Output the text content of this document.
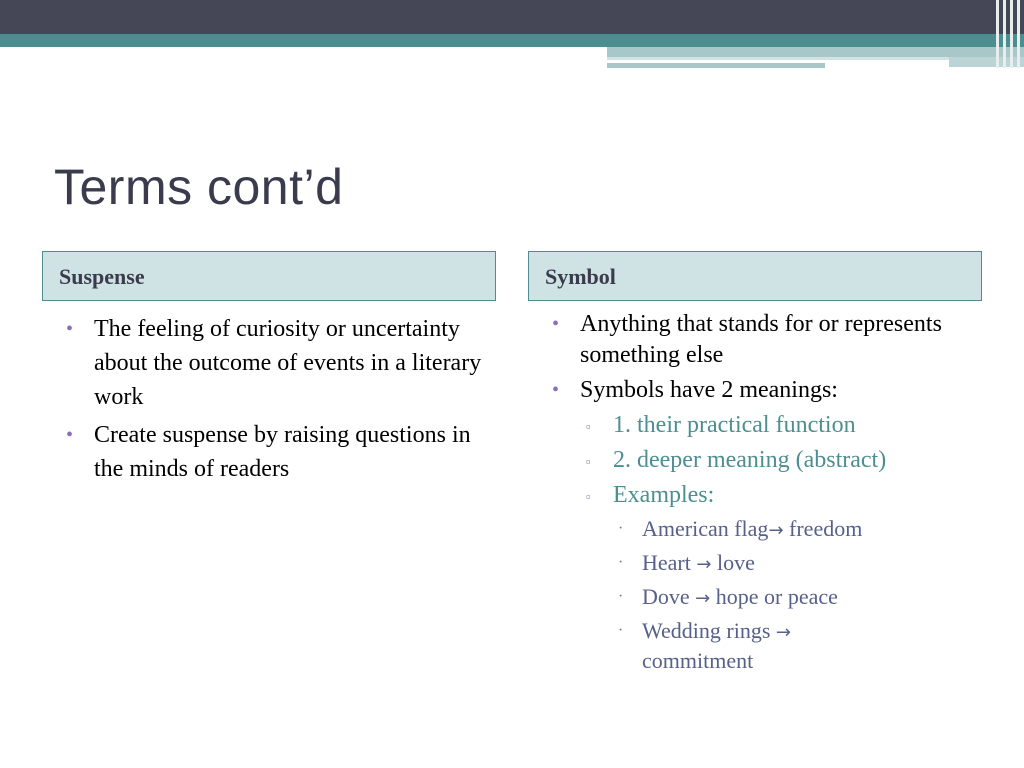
Terms cont’d
Suspense	Symbol
• The feeling of curiosity or uncertainty about the outcome of events in a literary work
• Create suspense by raising questions in the minds of readers
• Anything that stands for or represents something else
• Symbols have 2 meanings:
▫ 1. their practical function
▫ 2. deeper meaning (abstract)
▫ Examples:
· American flag→ freedom
· Heart → love
· Dove → hope or peace
· Wedding rings →
commitment
